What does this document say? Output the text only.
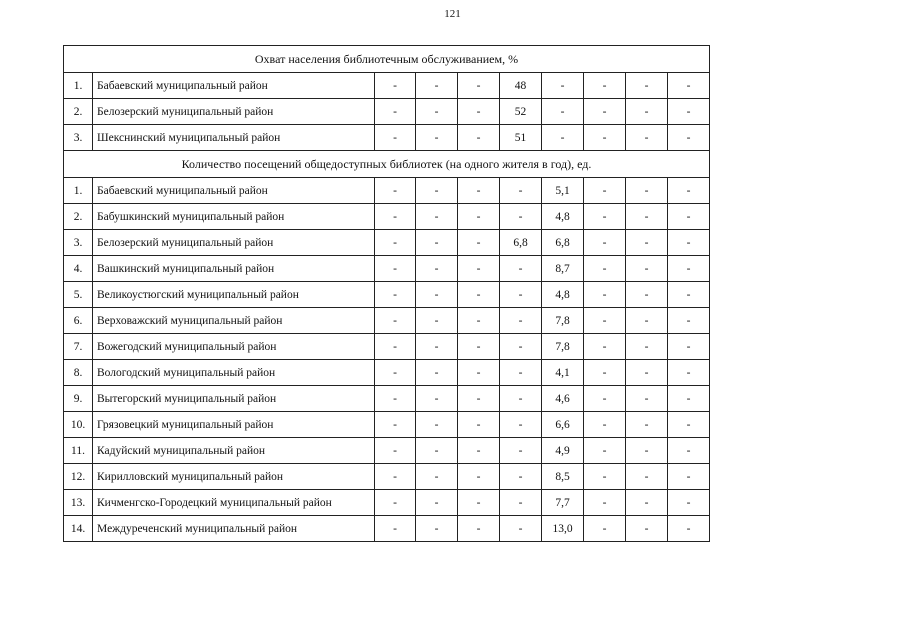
121
Охват населения библиотечным обслуживанием, %									
1.	Бабаевский муниципальный район	-	-	-	48	-	-	-	-
2.	Белозерский муниципальный район	-	-	-	52	-	-	-	-
3.	Шекснинский муниципальный район	-	-	-	51	-	-	-	-
Количество посещений общедоступных библиотек (на одного жителя в год), ед.									
1.	Бабаевский муниципальный район	-	-	-	-	5,1	-	-	-
2.	Бабушкинский муниципальный район	-	-	-	-	4,8	-	-	-
3.	Белозерский муниципальный район	-	-	-	6,8	6,8	-	-	-
4.	Вашкинский муниципальный район	-	-	-	-	8,7	-	-	-
5.	Великоустюгский муниципальный район	-	-	-	-	4,8	-	-	-
6.	Верховажский муниципальный район	-	-	-	-	7,8	-	-	-
7.	Вожегодский муниципальный район	-	-	-	-	7,8	-	-	-
8.	Вологодский муниципальный район	-	-	-	-	4,1	-	-	-
9.	Вытегорский муниципальный район	-	-	-	-	4,6	-	-	-
10.	Грязовецкий муниципальный район	-	-	-	-	6,6	-	-	-
11.	Кадуйский муниципальный район	-	-	-	-	4,9	-	-	-
12.	Кирилловский муниципальный район	-	-	-	-	8,5	-	-	-
13.	Кичменгско-Городецкий муниципальный район	-	-	-	-	7,7	-	-	-
14.	Междуреченский муниципальный район	-	-	-	-	13,0	-	-	-
